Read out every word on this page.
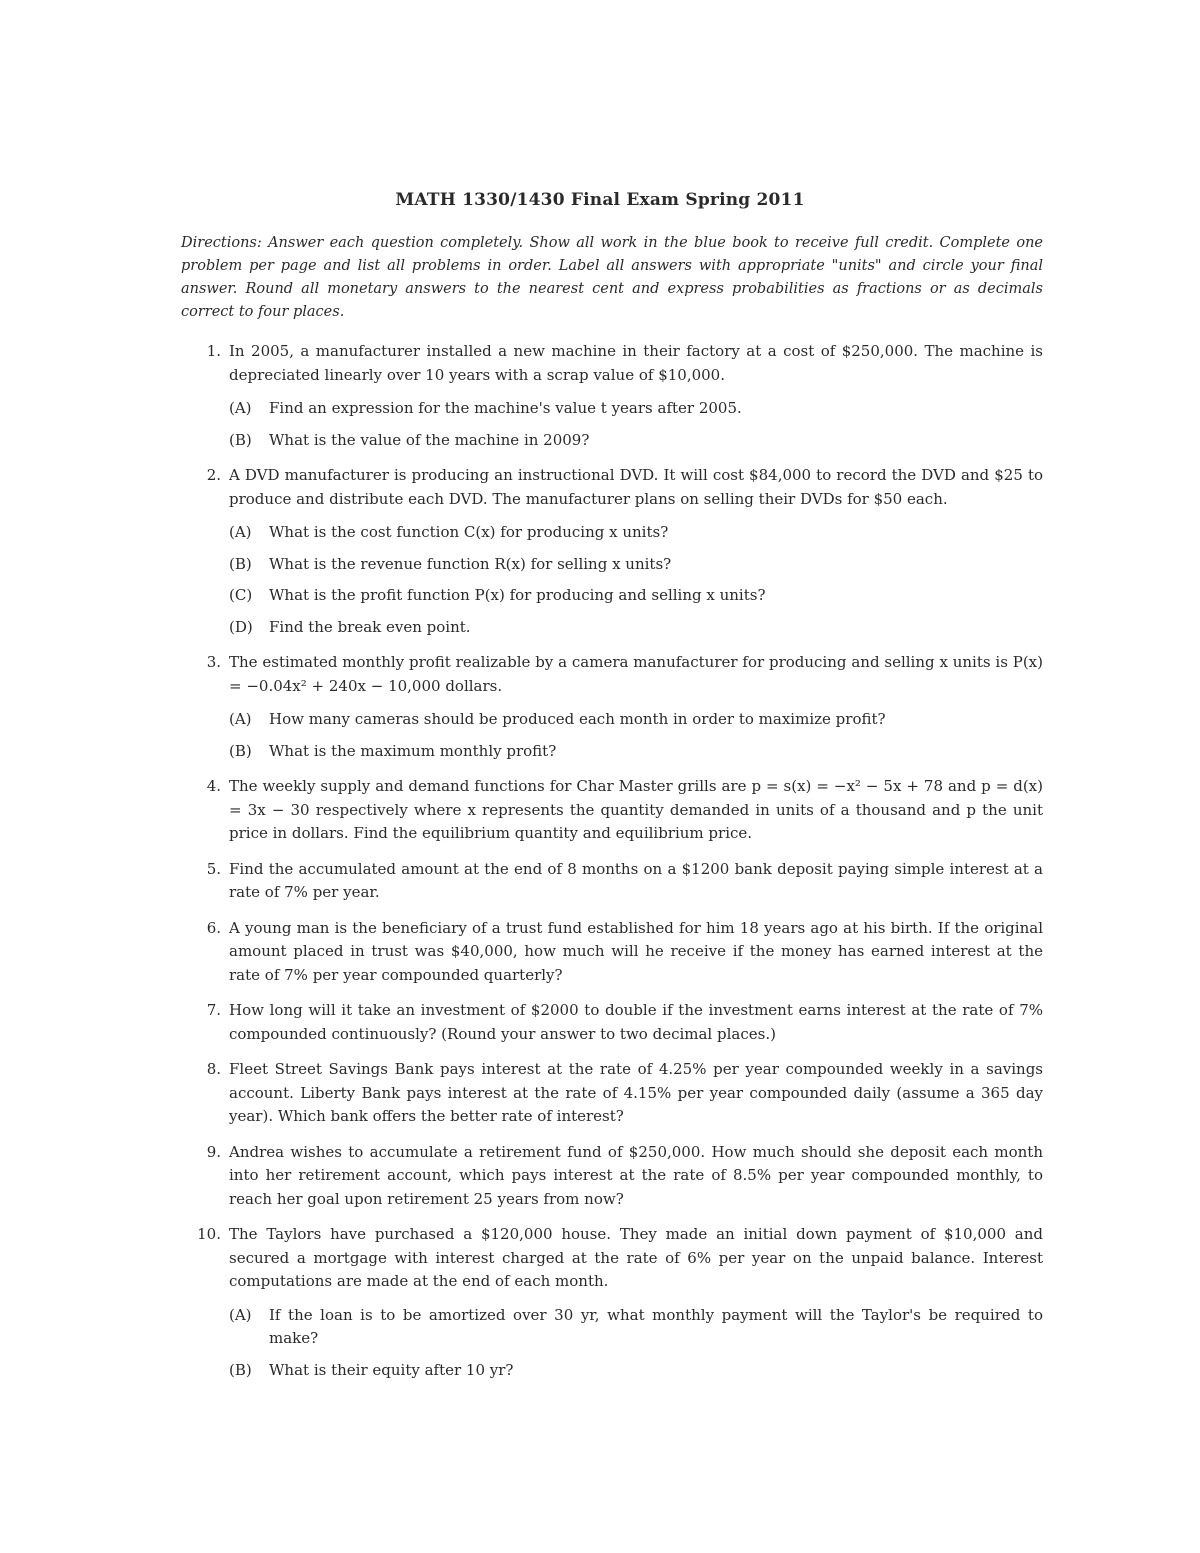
MATH 1330/1430 Final Exam Spring 2011
Directions: Answer each question completely. Show all work in the blue book to receive full credit. Complete one problem per page and list all problems in order. Label all answers with appropriate "units" and circle your final answer. Round all monetary answers to the nearest cent and express probabilities as fractions or as decimals correct to four places.
1. In 2005, a manufacturer installed a new machine in their factory at a cost of $250,000. The machine is depreciated linearly over 10 years with a scrap value of $10,000.
(A) Find an expression for the machine's value t years after 2005.
(B) What is the value of the machine in 2009?
2. A DVD manufacturer is producing an instructional DVD. It will cost $84,000 to record the DVD and $25 to produce and distribute each DVD. The manufacturer plans on selling their DVDs for $50 each.
(A) What is the cost function C(x) for producing x units?
(B) What is the revenue function R(x) for selling x units?
(C) What is the profit function P(x) for producing and selling x units?
(D) Find the break even point.
3. The estimated monthly profit realizable by a camera manufacturer for producing and selling x units is P(x) = −0.04x² + 240x − 10,000 dollars.
(A) How many cameras should be produced each month in order to maximize profit?
(B) What is the maximum monthly profit?
4. The weekly supply and demand functions for Char Master grills are p = s(x) = −x² − 5x + 78 and p = d(x) = 3x − 30 respectively where x represents the quantity demanded in units of a thousand and p the unit price in dollars. Find the equilibrium quantity and equilibrium price.
5. Find the accumulated amount at the end of 8 months on a $1200 bank deposit paying simple interest at a rate of 7% per year.
6. A young man is the beneficiary of a trust fund established for him 18 years ago at his birth. If the original amount placed in trust was $40,000, how much will he receive if the money has earned interest at the rate of 7% per year compounded quarterly?
7. How long will it take an investment of $2000 to double if the investment earns interest at the rate of 7% compounded continuously? (Round your answer to two decimal places.)
8. Fleet Street Savings Bank pays interest at the rate of 4.25% per year compounded weekly in a savings account. Liberty Bank pays interest at the rate of 4.15% per year compounded daily (assume a 365 day year). Which bank offers the better rate of interest?
9. Andrea wishes to accumulate a retirement fund of $250,000. How much should she deposit each month into her retirement account, which pays interest at the rate of 8.5% per year compounded monthly, to reach her goal upon retirement 25 years from now?
10. The Taylors have purchased a $120,000 house. They made an initial down payment of $10,000 and secured a mortgage with interest charged at the rate of 6% per year on the unpaid balance. Interest computations are made at the end of each month.
(A) If the loan is to be amortized over 30 yr, what monthly payment will the Taylor's be required to make?
(B) What is their equity after 10 yr?
